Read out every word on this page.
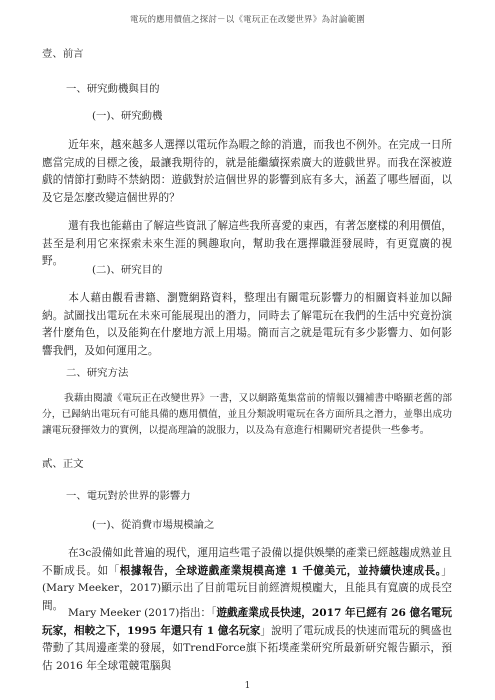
電玩的應用價值之探討－以《電玩正在改變世界》為討論範圍
壹、前言
一、研究動機與目的
(一)、研究動機
近年來，越來越多人選擇以電玩作為暇之餘的消遣，而我也不例外。在完成一日所應當完成的目標之後，最讓我期待的，就是能繼續探索廣大的遊戲世界。而我在深被遊戲的情節打動時不禁納悶：遊戲對於這個世界的影響到底有多大，涵蓋了哪些層面，以及它是怎麼改變這個世界的？
還有我也能藉由了解這些資訊了解這些我所喜愛的東西，有著怎麼樣的利用價值，甚至是利用它來探索未來生涯的興趣取向，幫助我在選擇職涯發展時，有更寬廣的視野。
(二)、研究目的
本人藉由觀看書籍、瀏覽網路資料，整理出有關電玩影響力的相關資料並加以歸納。試圖找出電玩在未來可能展現出的潛力，同時去了解電玩在我們的生活中究竟扮演著什麼角色，以及能夠在什麼地方派上用場。簡而言之就是電玩有多少影響力、如何影響我們，及如何運用之。
二、研究方法
我藉由閱讀《電玩正在改變世界》一書，又以網路蒐集當前的情報以彌補書中略顯老舊的部分，已歸納出電玩有可能具備的應用價值，並且分類說明電玩在各方面所具之潛力，並舉出成功讓電玩發揮效力的實例，以提高理論的說服力，以及為有意進行相關研究者提供一些參考。
貳、正文
一、電玩對於世界的影響力
(一)、從消費市場規模論之
在3c設備如此普遍的現代，運用這些電子設備以提供娛樂的產業已經越趨成熟並且不斷成長。如「根據報告，全球遊戲產業規模高達 1 千億美元，並持續快速成長。」(Mary Meeker，2017)顯示出了目前電玩目前經濟規模龐大，且能具有寬廣的成長空間。
Mary Meeker (2017)指出：「遊戲產業成長快速，2017 年已經有 26 億名電玩玩家，相較之下，1995 年還只有 1 億名玩家」說明了電玩成長的快速而電玩的興盛也帶動了其周邊產業的發展，如TrendForce旗下拓墣產業研究所最新研究報告顯示，預估 2016 年全球電競電腦與
1
